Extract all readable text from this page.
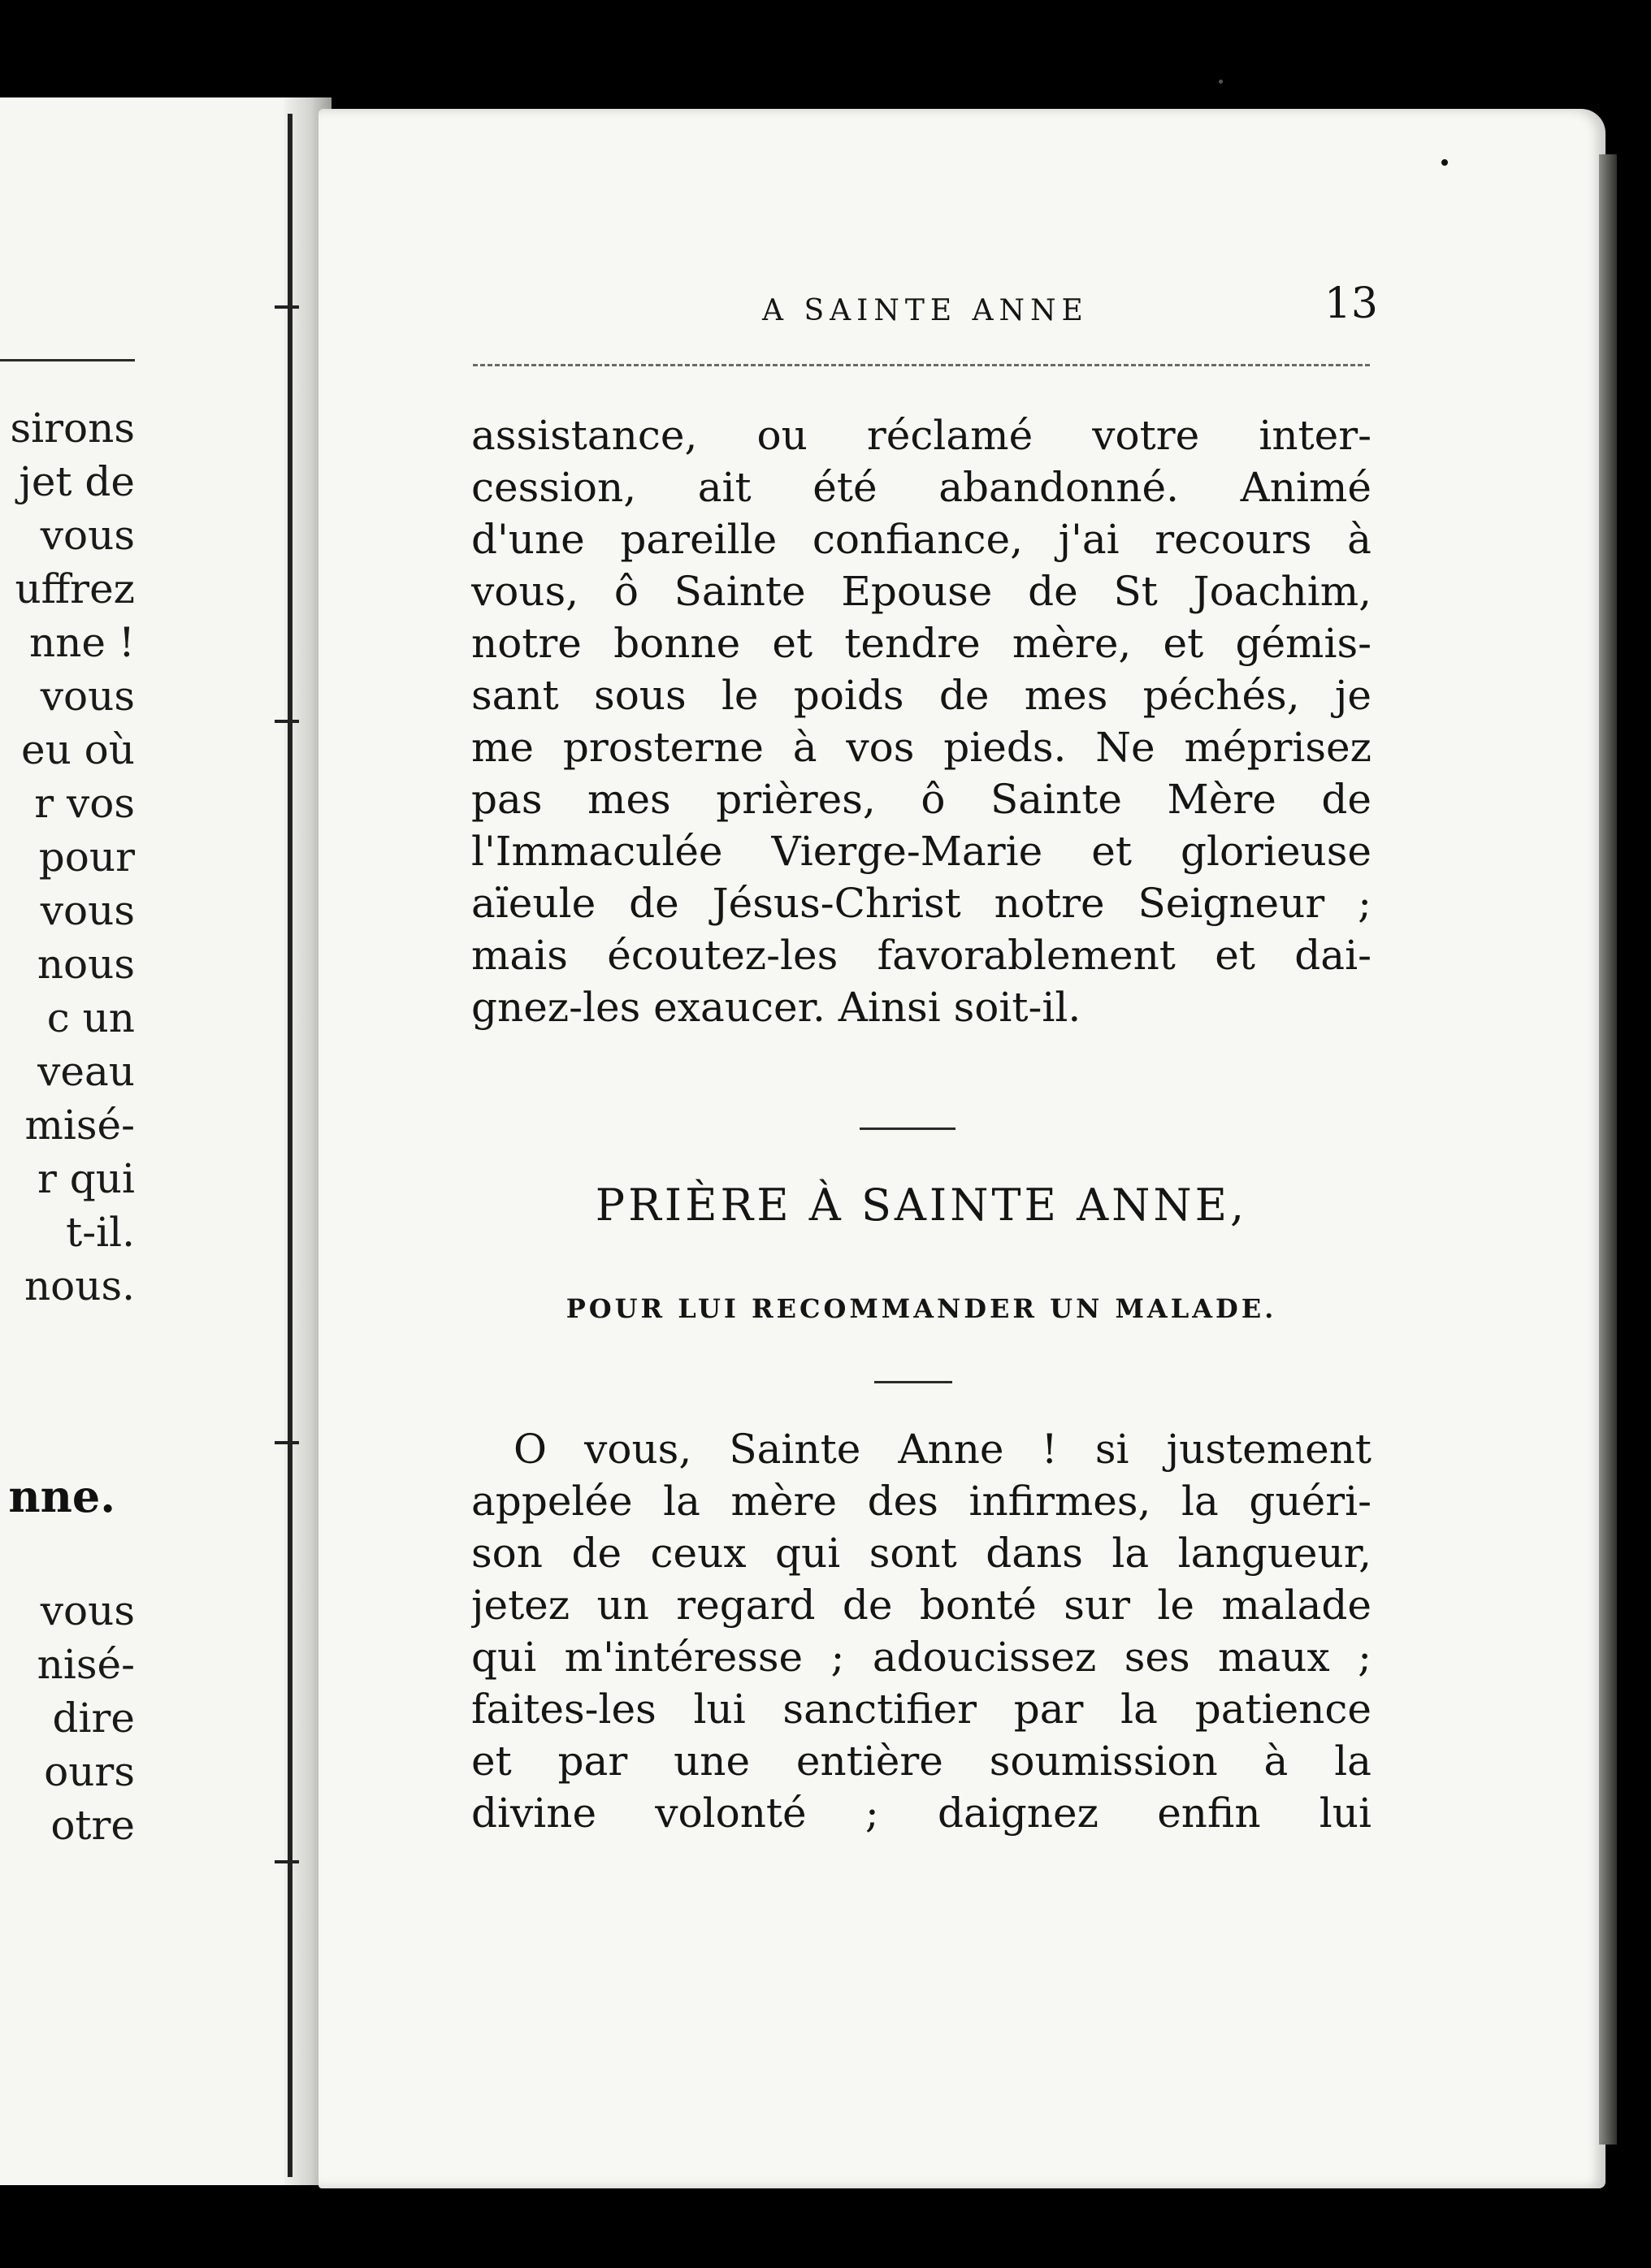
sirons
jet de
vous
uffrez
nne !
vous
eu où
r vos
pour
vous
nous
c un
veau
misé-
r qui
t-il.
nous.
nne.
vous
nisé-
dire
ours
otre
A SAINTE ANNE	13
assistance, ou réclamé votre inter-
cession, ait été abandonné. Animé
d'une pareille confiance, j'ai recours à
vous, ô Sainte Epouse de St Joachim,
notre bonne et tendre mère, et gémis-
sant sous le poids de mes péchés, je
me prosterne à vos pieds. Ne méprisez
pas mes prières, ô Sainte Mère de
l'Immaculée Vierge-Marie et glorieuse
aïeule de Jésus-Christ notre Seigneur ;
mais écoutez-les favorablement et dai-
gnez-les exaucer. Ainsi soit-il.
PRIÈRE À SAINTE ANNE,
POUR LUI RECOMMANDER UN MALADE.
O vous, Sainte Anne ! si justement
appelée la mère des infirmes, la guéri-
son de ceux qui sont dans la langueur,
jetez un regard de bonté sur le malade
qui m'intéresse ; adoucissez ses maux ;
faites-les lui sanctifier par la patience
et par une entière soumission à la
divine volonté ; daignez enfin lui
